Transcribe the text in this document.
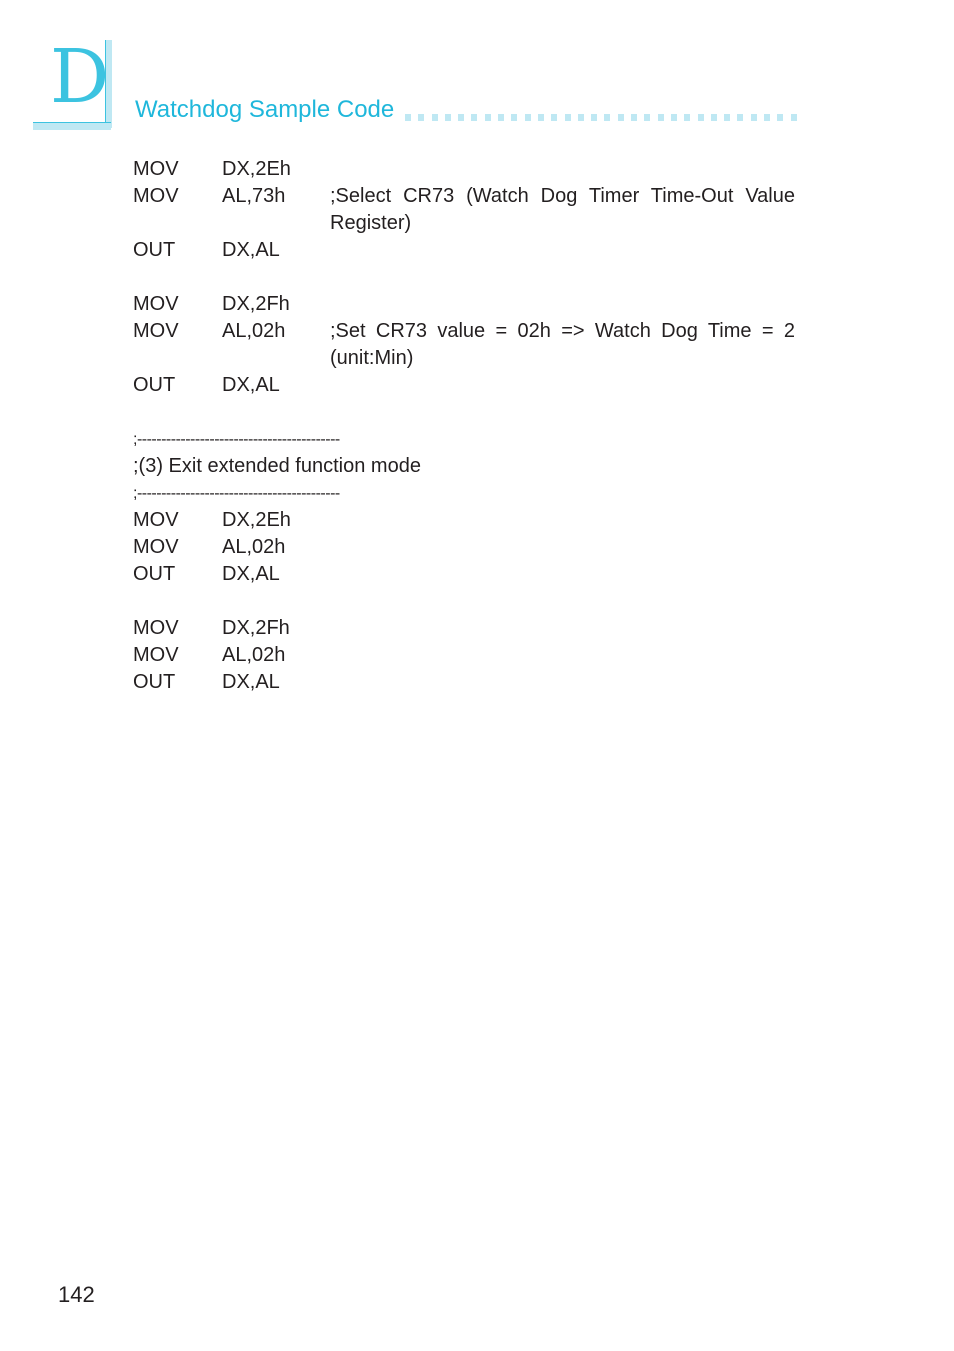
D Watchdog Sample Code
MOV	DX,2Eh
MOV	AL,73h	;Select CR73 (Watch Dog Timer Time-Out Value
Register)
OUT	DX,AL
MOV	DX,2Fh
MOV	AL,02h	;Set CR73 value = 02h => Watch Dog Time = 2
(unit:Min)
OUT	DX,AL
;------------------------------------------
;(3) Exit extended function mode
;------------------------------------------
MOV	DX,2Eh
MOV	AL,02h
OUT	DX,AL
MOV	DX,2Fh
MOV	AL,02h
OUT	DX,AL
142
